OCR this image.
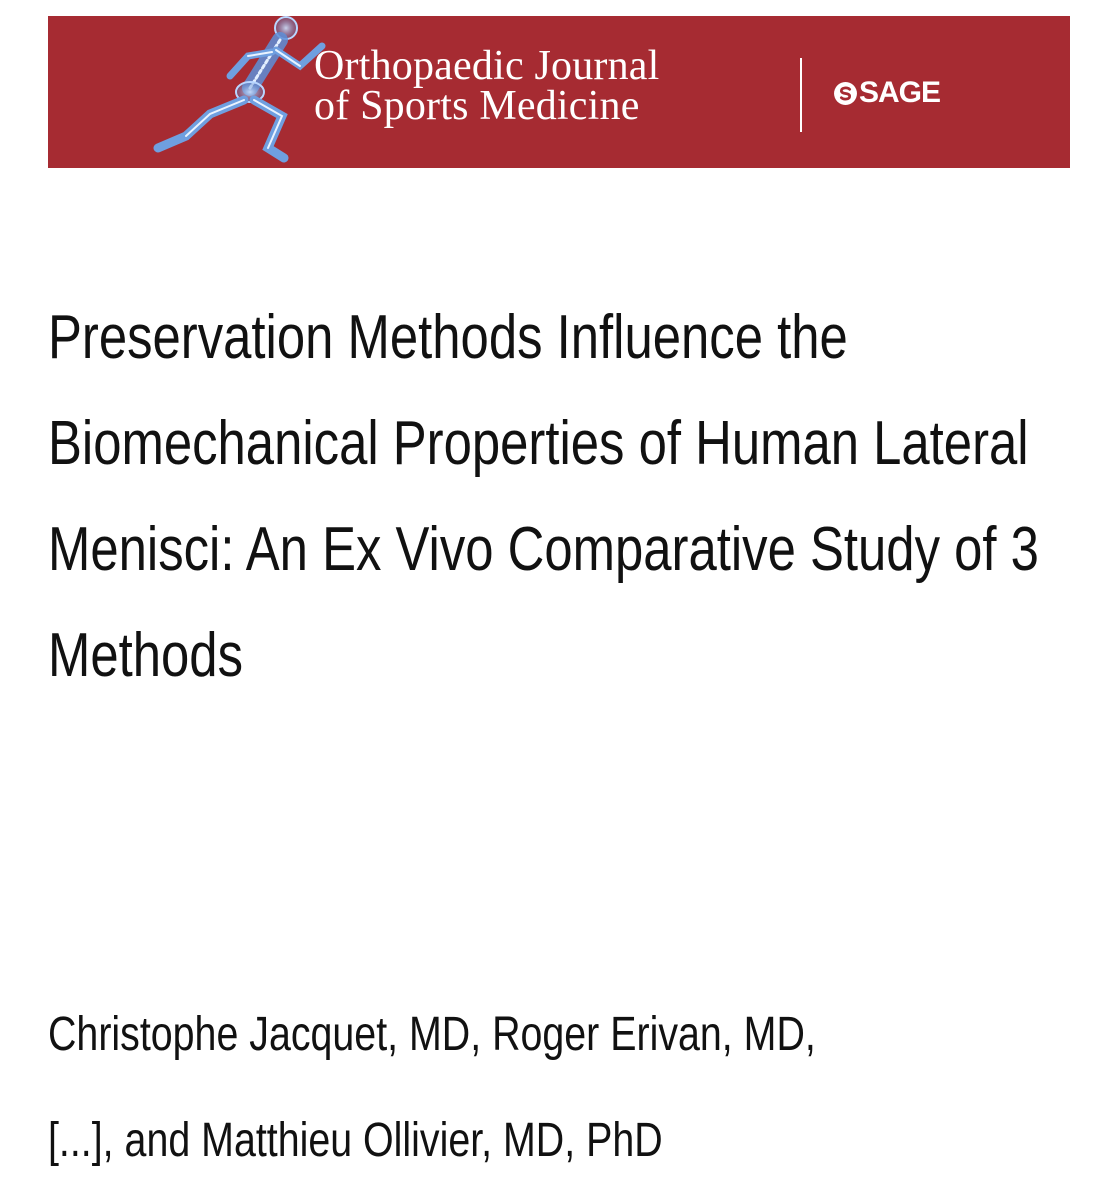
Orthopaedic Journal
of Sports Medicine	SAGE
Preservation Methods Influence the Biomechanical Properties of Human Lateral Menisci: An Ex Vivo Comparative Study of 3 Methods
Christophe Jacquet, MD, Roger Erivan, MD,
[...], and Matthieu Ollivier, MD, PhD
